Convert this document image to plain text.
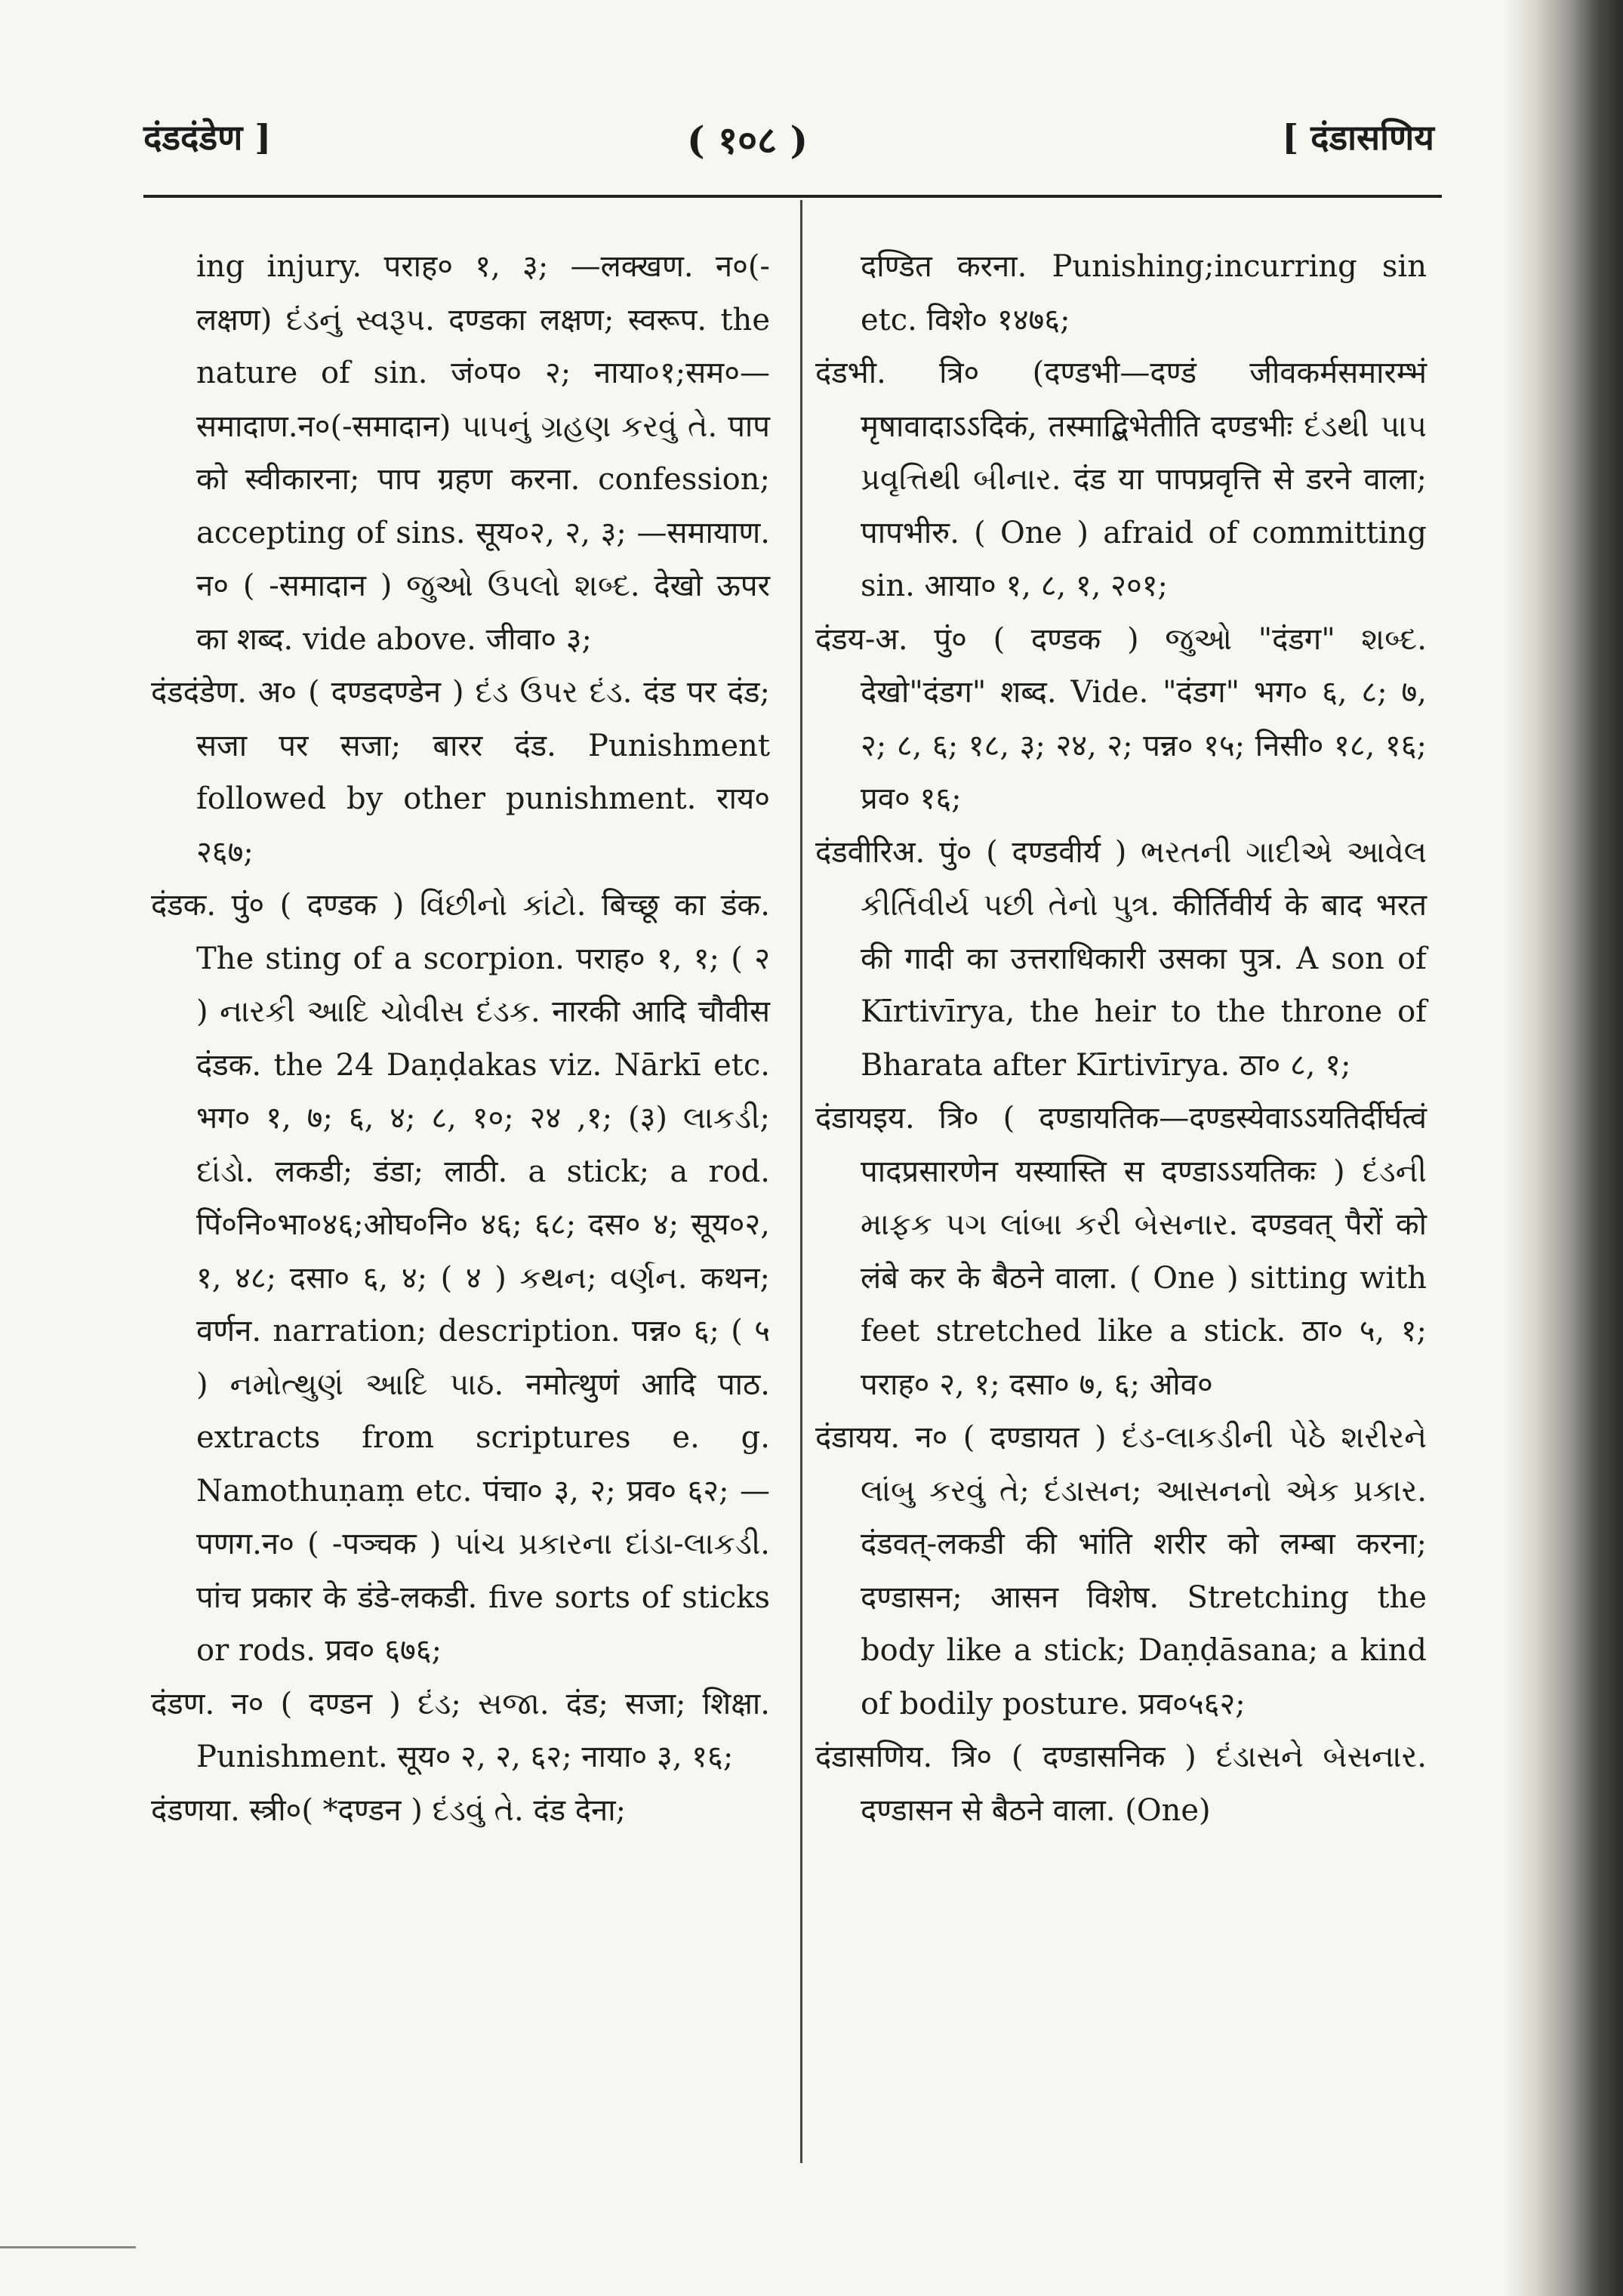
दंडदंडेण ]	( १०८ )	[ दंडासणिय

ing injury. पराह० १, ३; —लक्खण. न०(-लक्षण) દંડનું સ્વરૂપ. दण्डका लक्षण; स्वरूप. the nature of sin. जं०प० २; नाया०१;सम०—समादाण.न०(-समादान) પાપનું ગ્રહણ કરવું તે. पाप को स्वीकारना; पाप ग्रहण करना. confession; accepting of sins. सूय०२, २, ३; —समायाण. न० ( -समादान ) જુઓ ઉપલો શબ્દ. देखो ऊपर का शब्द. vide above. जीवा० ३;

दंडदंडेण. अ० ( दण्डदण्डेन ) દંડ ઉપર દંડ. दंड पर दंड; सजा पर सजा; बारर दंड. Punishment followed by other punishment. राय० २६७;

दंडक. पुं० ( दण्डक ) વિંછીનો કાંટો. बिच्छू का डंक. The sting of a scorpion. पराह० १, १; ( २ ) નારકી આદિ ચોવીસ દંડક. नारकी आदि चौवीस दंडक. the 24 Daṇḍakas viz. Nārkī etc. भग० १, ७; ६, ४; ८, १०; २४ ,१; (३) લાકડી; દાંડો. लकडी; डंडा; लाठी. a stick; a rod. पिं०नि०भा०४६;ओघ०नि० ४६; ६८; दस० ४; सूय०२, १, ४८; दसा० ६, ४; ( ४ ) કથન; વર્ણન. कथन; वर्णन. narration; description. पन्न० ६; ( ५ ) નમોત્થુણં આદિ પાઠ. नमोत्थुणं आदि पाठ. extracts from scriptures e. g. Namothuṇaṃ etc. पंचा० ३, २; प्रव० ६२; —पणग.न० ( -पञ्चक ) પાંચ પ્રકારના દાંડા-લાકડી. पांच प्रकार के डंडे-लकडी. five sorts of sticks or rods. प्रव० ६७६;

दंडण. न० ( दण्डन ) દંડ; સજા. दंड; सजा; शिक्षा. Punishment. सूय० २, २, ६२; नाया० ३, १६;

दंडणया. स्त्री०( *दण्डन ) દંડવું તે. दंड देना;

दण्डित करना. Punishing;incurring sin etc. विशे० १४७६;

दंडभी. त्रि० (दण्डभी—दण्डं जीवकर्मसमारम्भं मृषावादाऽऽदिकं, तस्माद्बिभेतीति दण्डभीः દંડથી પાપ પ્રવૃત્તિથી બીનાર. दंड या पापप्रवृत्ति से डरने वाला; पापभीरु. ( One ) afraid of committing sin. आया० १, ८, १, २०१;

दंडय-अ. पुं० ( दण्डक ) જુઓ "दंडग" શબ્દ. देखो"दंडग" शब्द. Vide. "दंडग" भग० ६, ८; ७, २; ८, ६; १८, ३; २४, २; पन्न० १५; निसी० १८, १६; प्रव० १६;

दंडवीरिअ. पुं० ( दण्डवीर्य ) ભરતની ગાદીએ આવેલ કીર્તિવીર્ય પછી તેનો પુત્ર. कीर्तिवीर्य के बाद भरत की गादी का उत्तराधिकारी उसका पुत्र. A son of Kīrtivīrya, the heir to the throne of Bharata after Kīrtivīrya. ठा० ८, १;

दंडायइय. त्रि० ( दण्डायतिक—दण्डस्येवाऽऽयतिर्दीर्घत्वं पादप्रसारणेन यस्यास्ति स दण्डाऽऽयतिकः ) દંડની માફક પગ લાંબા કરી બેસનાર. दण्डवत् पैरों को लंबे कर के बैठने वाला. ( One ) sitting with feet stretched like a stick. ठा० ५, १; पराह० २, १; दसा० ७, ६; ओव०

दंडायय. न० ( दण्डायत ) દંડ-લાકડીની પેઠે શરીરને લાંબુ કરવું તે; દંડાસન; આસનનો એક પ્રકાર. दंडवत्-लकडी की भांति शरीर को लम्बा करना; दण्डासन; आसन विशेष. Stretching the body like a stick; Daṇḍāsana; a kind of bodily posture. प्रव०५६२;

दंडासणिय. त्रि० ( दण्डासनिक ) દંડાસને બેસનાર. दण्डासन से बैठने वाला. (One)
